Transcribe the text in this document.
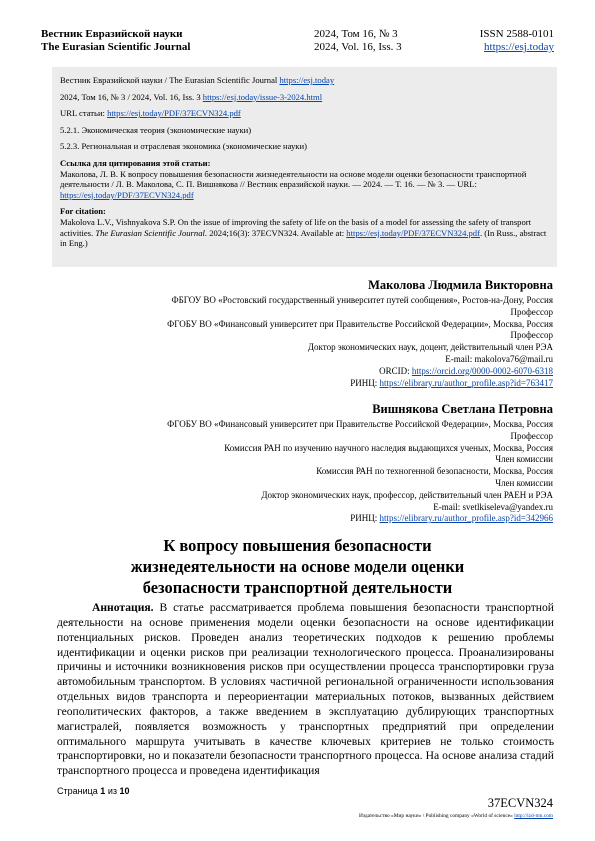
Вестник Евразийской науки
The Eurasian Scientific Journal
2024, Том 16, № 3
2024, Vol. 16, Iss. 3
ISSN 2588-0101
https://esj.today

Вестник Евразийской науки / The Eurasian Scientific Journal https://esj.today

2024, Том 16, № 3 / 2024, Vol. 16, Iss. 3 https://esj.today/issue-3-2024.html

URL статьи: https://esj.today/PDF/37ECVN324.pdf

5.2.1. Экономическая теория (экономические науки)

5.2.3. Региональная и отраслевая экономика (экономические науки)

Ссылка для цитирования этой статьи:

Маколова, Л. В. К вопросу повышения безопасности жизнедеятельности на основе модели оценки безопасности транспортной деятельности / Л. В. Маколова, С. П. Вишнякова // Вестник евразийской науки. — 2024. — Т. 16. — № 3. — URL: https://esj.today/PDF/37ECVN324.pdf

For citation:

Makolova L.V., Vishnyakova S.P. On the issue of improving the safety of life on the basis of a model for assessing the safety of transport activities. The Eurasian Scientific Journal. 2024;16(3): 37ECVN324. Available at: https://esj.today/PDF/37ECVN324.pdf. (In Russ., abstract in Eng.)

Маколова Людмила Викторовна
ФБГОУ ВО «Ростовский государственный университет путей сообщения», Ростов-на-Дону, Россия
Профессор
ФГОБУ ВО «Финансовый университет при Правительстве Российской Федерации», Москва, Россия
Профессор
Доктор экономических наук, доцент, действительный член РЭА
E-mail: makolova76@mail.ru
ORCID: https://orcid.org/0000-0002-6070-6318
РИНЦ: https://elibrary.ru/author_profile.asp?id=763417
Вишнякова Светлана Петровна
ФГОБУ ВО «Финансовый университет при Правительстве Российской Федерации», Москва, Россия
Профессор
Комиссия РАН по изучению научного наследия выдающихся ученых, Москва, Россия
Член комиссии
Комиссия РАН по техногенной безопасности, Москва, Россия
Член комиссии
Доктор экономических наук, профессор, действительный член РАЕН и РЭА
E-mail: svetlkiseleva@yandex.ru
РИНЦ: https://elibrary.ru/author_profile.asp?id=342966
К вопросу повышения безопасности
жизнедеятельности на основе модели оценки
безопасности транспортной деятельности
Аннотация. В статье рассматривается проблема повышения безопасности транспортной деятельности на основе применения модели оценки безопасности на основе идентификации потенциальных рисков. Проведен анализ теоретических подходов к решению проблемы идентификации и оценки рисков при реализации технологического процесса. Проанализированы причины и источники возникновения рисков при осуществлении процесса транспортировки груза автомобильным транспортом. В условиях частичной региональной ограниченности использования отдельных видов транспорта и переориентации материальных потоков, вызванных действием геополитических факторов, а также введением в эксплуатацию дублирующих транспортных магистралей, появляется возможность у транспортных предприятий при определении оптимального маршрута учитывать в качестве ключевых критериев не только стоимость транспортировки, но и показатели безопасности транспортного процесса. На основе анализа стадий транспортного процесса и проведена идентификация
Страница 1 из 10
37ECVN324
Издательство «Мир науки» \ Publishing company «World of science» http://izd-mn.com
